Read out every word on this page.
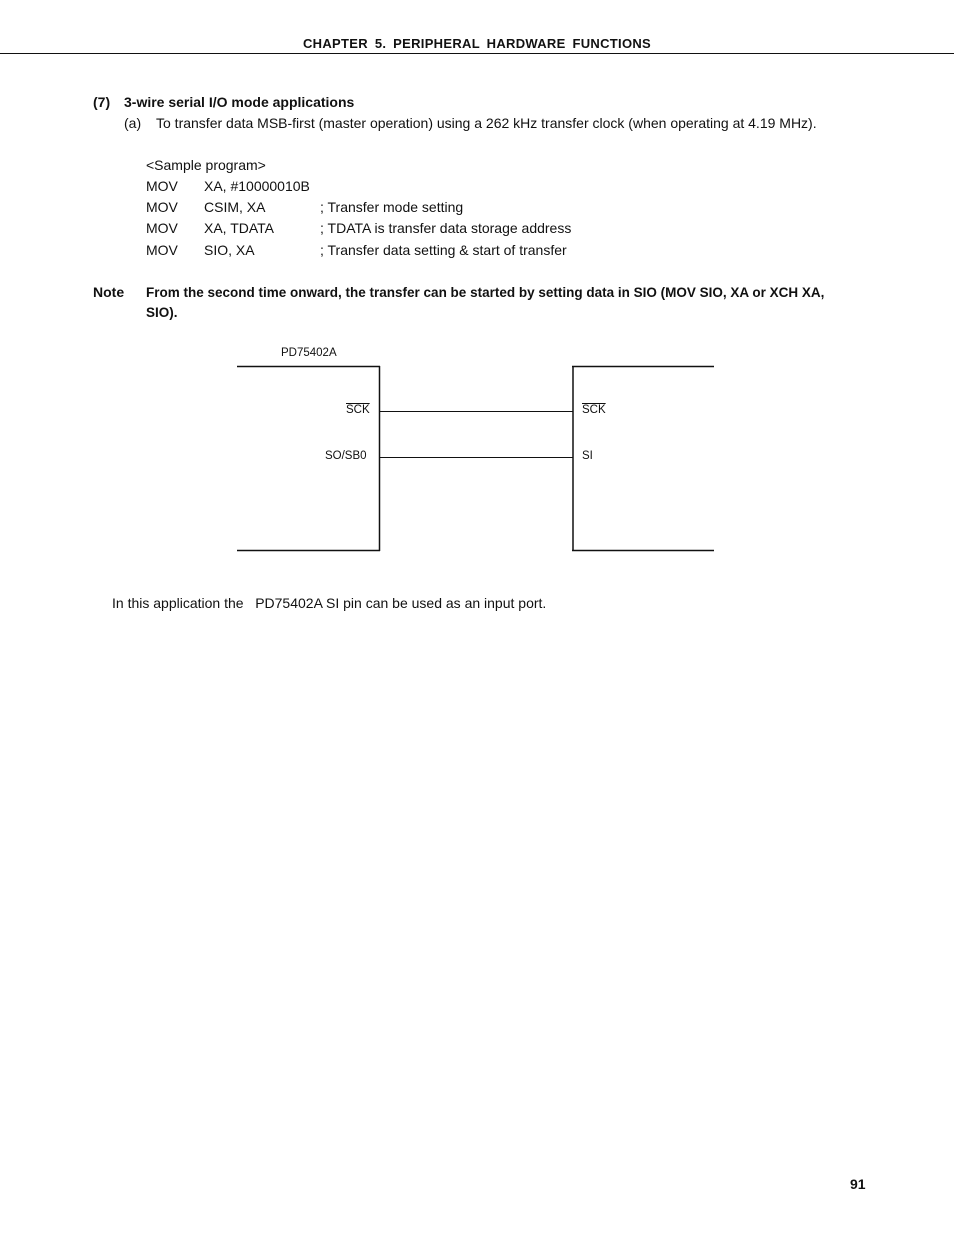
CHAPTER 5. PERIPHERAL HARDWARE FUNCTIONS
(7) 3-wire serial I/O mode applications
(a) To transfer data MSB-first (master operation) using a 262 kHz transfer clock (when operating at 4.19 MHz).
<Sample program>
MOV XA, #10000010B
MOV CSIM, XA	; Transfer mode setting
MOV XA, TDATA	; TDATA is transfer data storage address
MOV SIO, XA	; Transfer data setting & start of transfer
Note From the second time onward, the transfer can be started by setting data in SIO (MOV SIO, XA or XCH XA,
SIO).
PD75402A
$\overline{SCK}$
SO/SB0
$\overline{SCK}$
SI
In this application the   PD75402A SI pin can be used as an input port.
91
